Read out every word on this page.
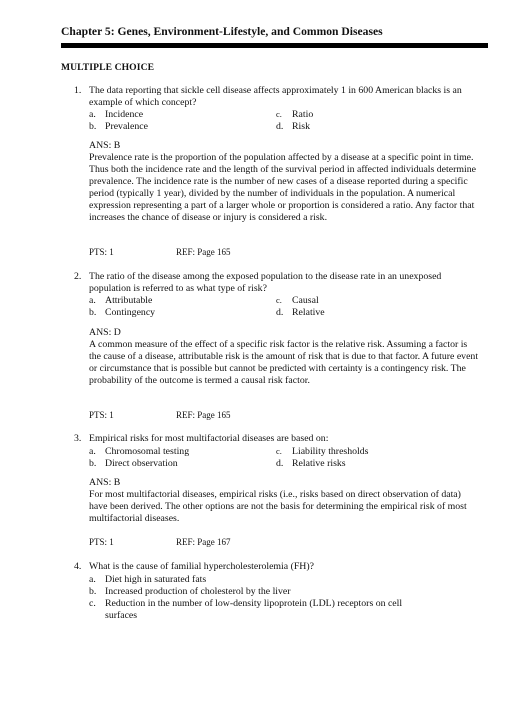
Chapter 5: Genes, Environment-Lifestyle, and Common Diseases
MULTIPLE CHOICE
1. The data reporting that sickle cell disease affects approximately 1 in 600 American blacks is an example of which concept?
a. Incidence
b. Prevalence
c. Ratio
d. Risk
ANS: B
Prevalence rate is the proportion of the population affected by a disease at a specific point in time. Thus both the incidence rate and the length of the survival period in affected individuals determine prevalence. The incidence rate is the number of new cases of a disease reported during a specific period (typically 1 year), divided by the number of individuals in the population. A numerical expression representing a part of a larger whole or proportion is considered a ratio. Any factor that increases the chance of disease or injury is considered a risk.
PTS: 1	REF: Page 165
2. The ratio of the disease among the exposed population to the disease rate in an unexposed population is referred to as what type of risk?
a. Attributable
b. Contingency
c. Causal
d. Relative
ANS: D
A common measure of the effect of a specific risk factor is the relative risk. Assuming a factor is the cause of a disease, attributable risk is the amount of risk that is due to that factor. A future event or circumstance that is possible but cannot be predicted with certainty is a contingency risk. The probability of the outcome is termed a causal risk factor.
PTS: 1	REF: Page 165
3. Empirical risks for most multifactorial diseases are based on:
a. Chromosomal testing
b. Direct observation
c. Liability thresholds
d. Relative risks
ANS: B
For most multifactorial diseases, empirical risks (i.e., risks based on direct observation of data) have been derived. The other options are not the basis for determining the empirical risk of most multifactorial diseases.
PTS: 1	REF: Page 167
4. What is the cause of familial hypercholesterolemia (FH)?
a. Diet high in saturated fats
b. Increased production of cholesterol by the liver
c. Reduction in the number of low-density lipoprotein (LDL) receptors on cell surfaces
